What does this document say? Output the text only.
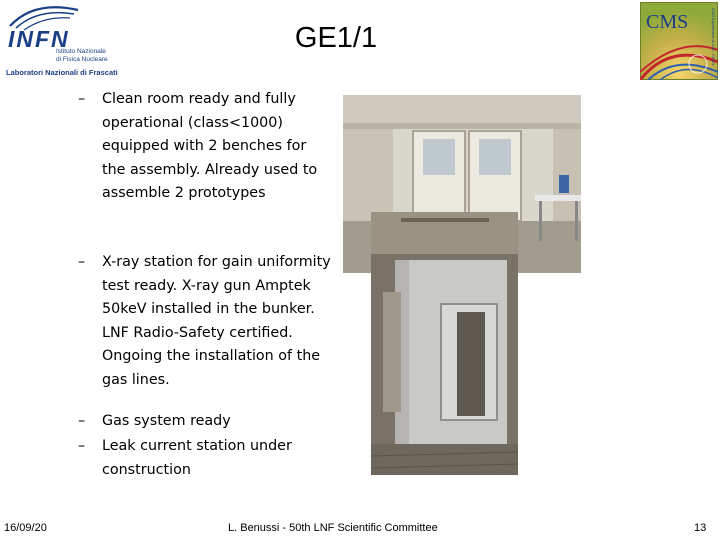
INFN
Istituto Nazionale
di Fisica Nucleare
Laboratori Nazionali di Frascati
CMS	CMS Experiment at LHC, CERN
GE1/1
–	Clean room ready and fully
operational (class<1000)
equipped with 2 benches for
the assembly. Already used to
assemble 2 prototypes
–	X-ray station for gain uniformity
test ready. X-ray gun Amptek
50keV installed in the bunker.
LNF Radio-Safety certified.
Ongoing the installation of the
gas lines.
–	Gas system ready
–	Leak current station under
construction
16/09/20	L. Benussi - 50th LNF Scientific Committee	13
